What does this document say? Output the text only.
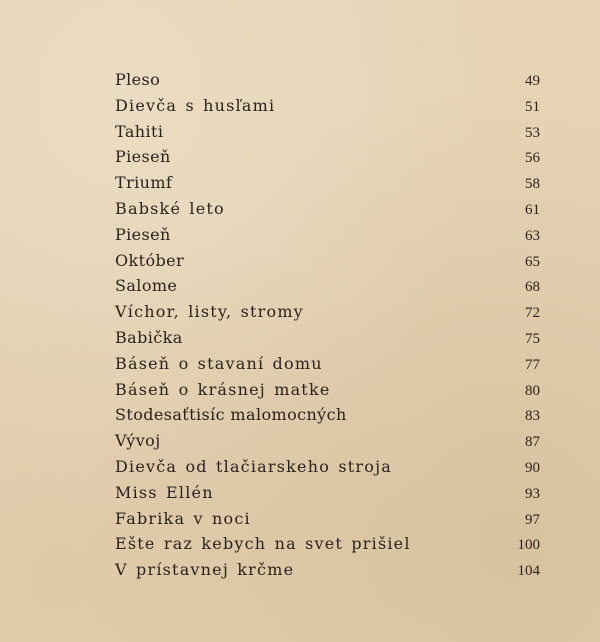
Pleso	49
Dievča s husľami	51
Tahiti	53
Pieseň	56
Triumf	58
Babské leto	61
Pieseň	63
Október	65
Salome	68
Víchor, listy, stromy	72
Babička	75
Báseň o stavaní domu	77
Báseň o krásnej matke	80
Stodesaťtisíc malomocných	83
Vývoj	87
Dievča od tlačiarskeho stroja	90
Miss Ellén	93
Fabrika v noci	97
Ešte raz kebych na svet prišiel	100
V prístavnej krčme	104
